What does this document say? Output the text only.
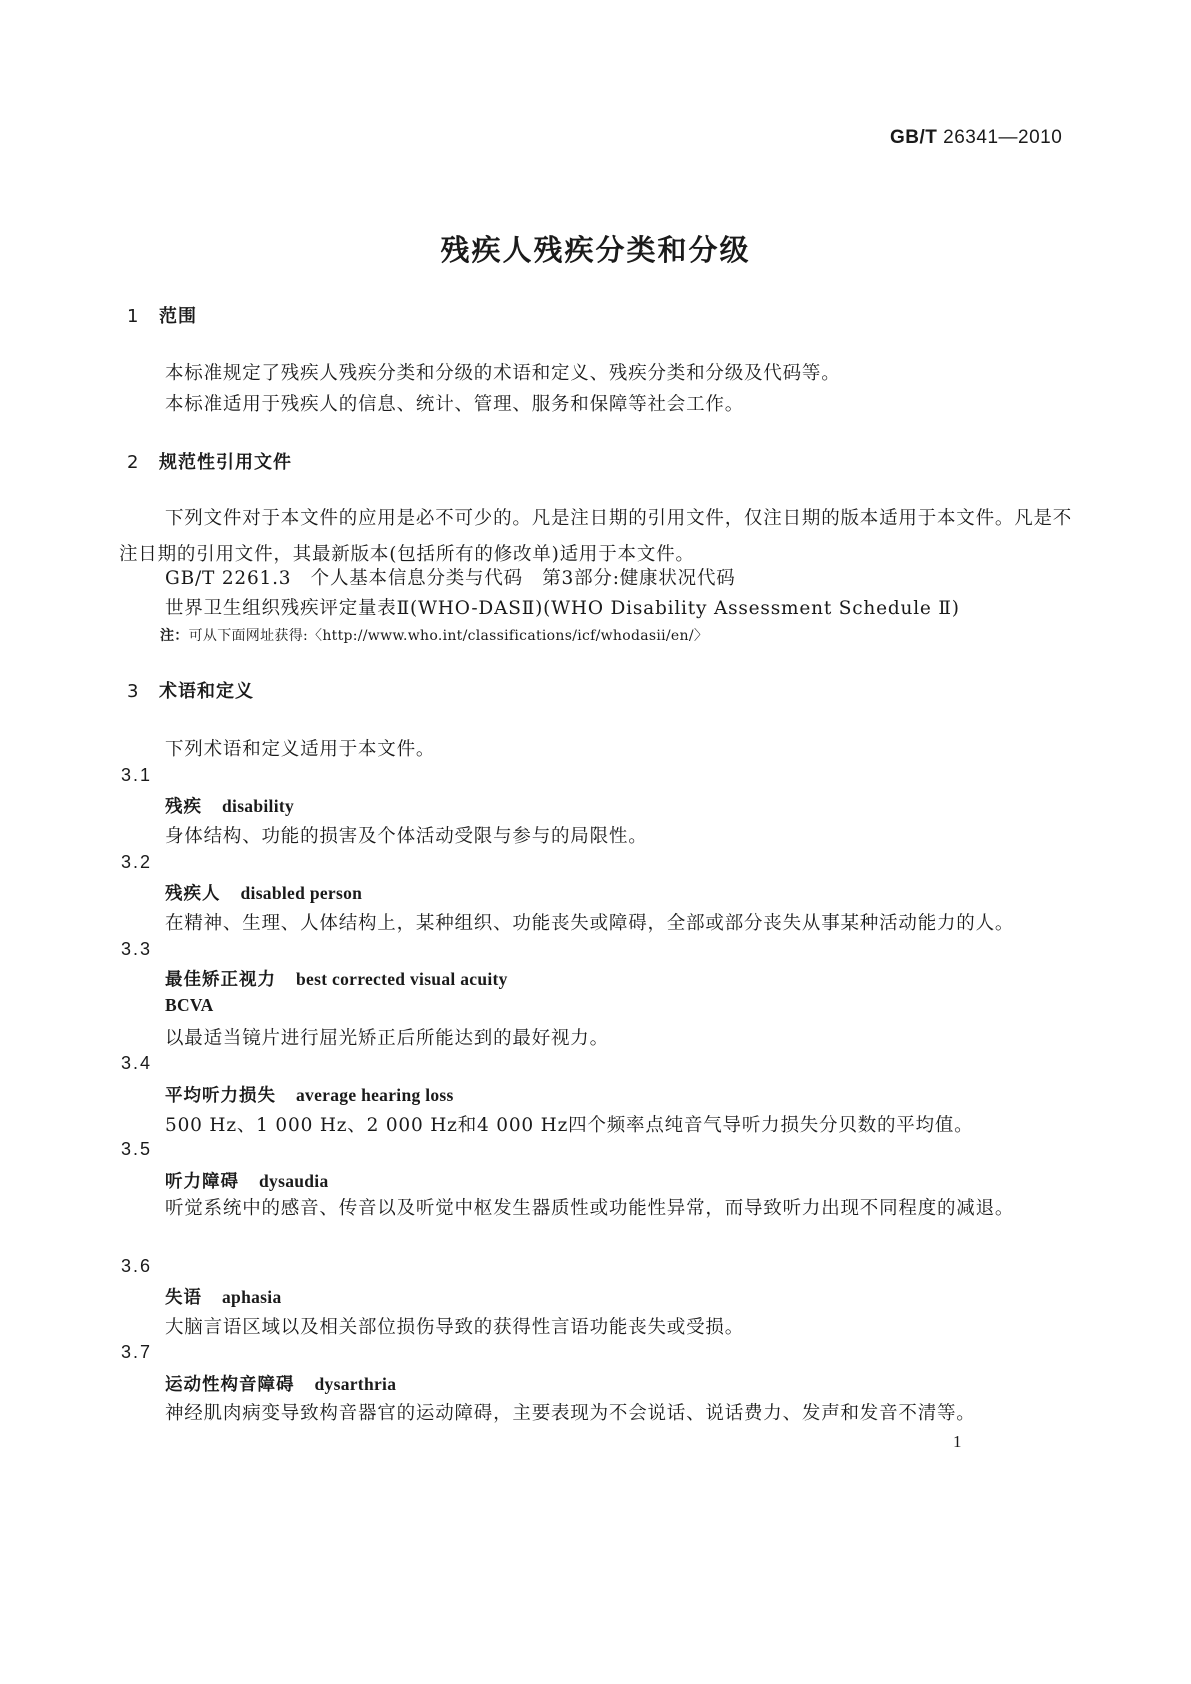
GB/T 26341—2010
残疾人残疾分类和分级
1 范围
本标准规定了残疾人残疾分类和分级的术语和定义、残疾分类和分级及代码等。
本标准适用于残疾人的信息、统计、管理、服务和保障等社会工作。
2 规范性引用文件
下列文件对于本文件的应用是必不可少的。凡是注日期的引用文件，仅注日期的版本适用于本文件。凡是不注日期的引用文件，其最新版本(包括所有的修改单)适用于本文件。
GB/T 2261.3　个人基本信息分类与代码　第3部分:健康状况代码
世界卫生组织残疾评定量表Ⅱ(WHO-DASⅡ)(WHO Disability Assessment Schedule Ⅱ)
注：可从下面网址获得:〈http://www.who.int/classifications/icf/whodasii/en/〉
3 术语和定义
下列术语和定义适用于本文件。
3.1
残疾 disability
身体结构、功能的损害及个体活动受限与参与的局限性。
3.2
残疾人 disabled person
在精神、生理、人体结构上，某种组织、功能丧失或障碍，全部或部分丧失从事某种活动能力的人。
3.3
最佳矫正视力 best corrected visual acuity
BCVA
以最适当镜片进行屈光矫正后所能达到的最好视力。
3.4
平均听力损失 average hearing loss
500 Hz、1 000 Hz、2 000 Hz和4 000 Hz四个频率点纯音气导听力损失分贝数的平均值。
3.5
听力障碍 dysaudia
听觉系统中的感音、传音以及听觉中枢发生器质性或功能性异常，而导致听力出现不同程度的减退。
3.6
失语 aphasia
大脑言语区域以及相关部位损伤导致的获得性言语功能丧失或受损。
3.7
运动性构音障碍 dysarthria
神经肌肉病变导致构音器官的运动障碍，主要表现为不会说话、说话费力、发声和发音不清等。
1
